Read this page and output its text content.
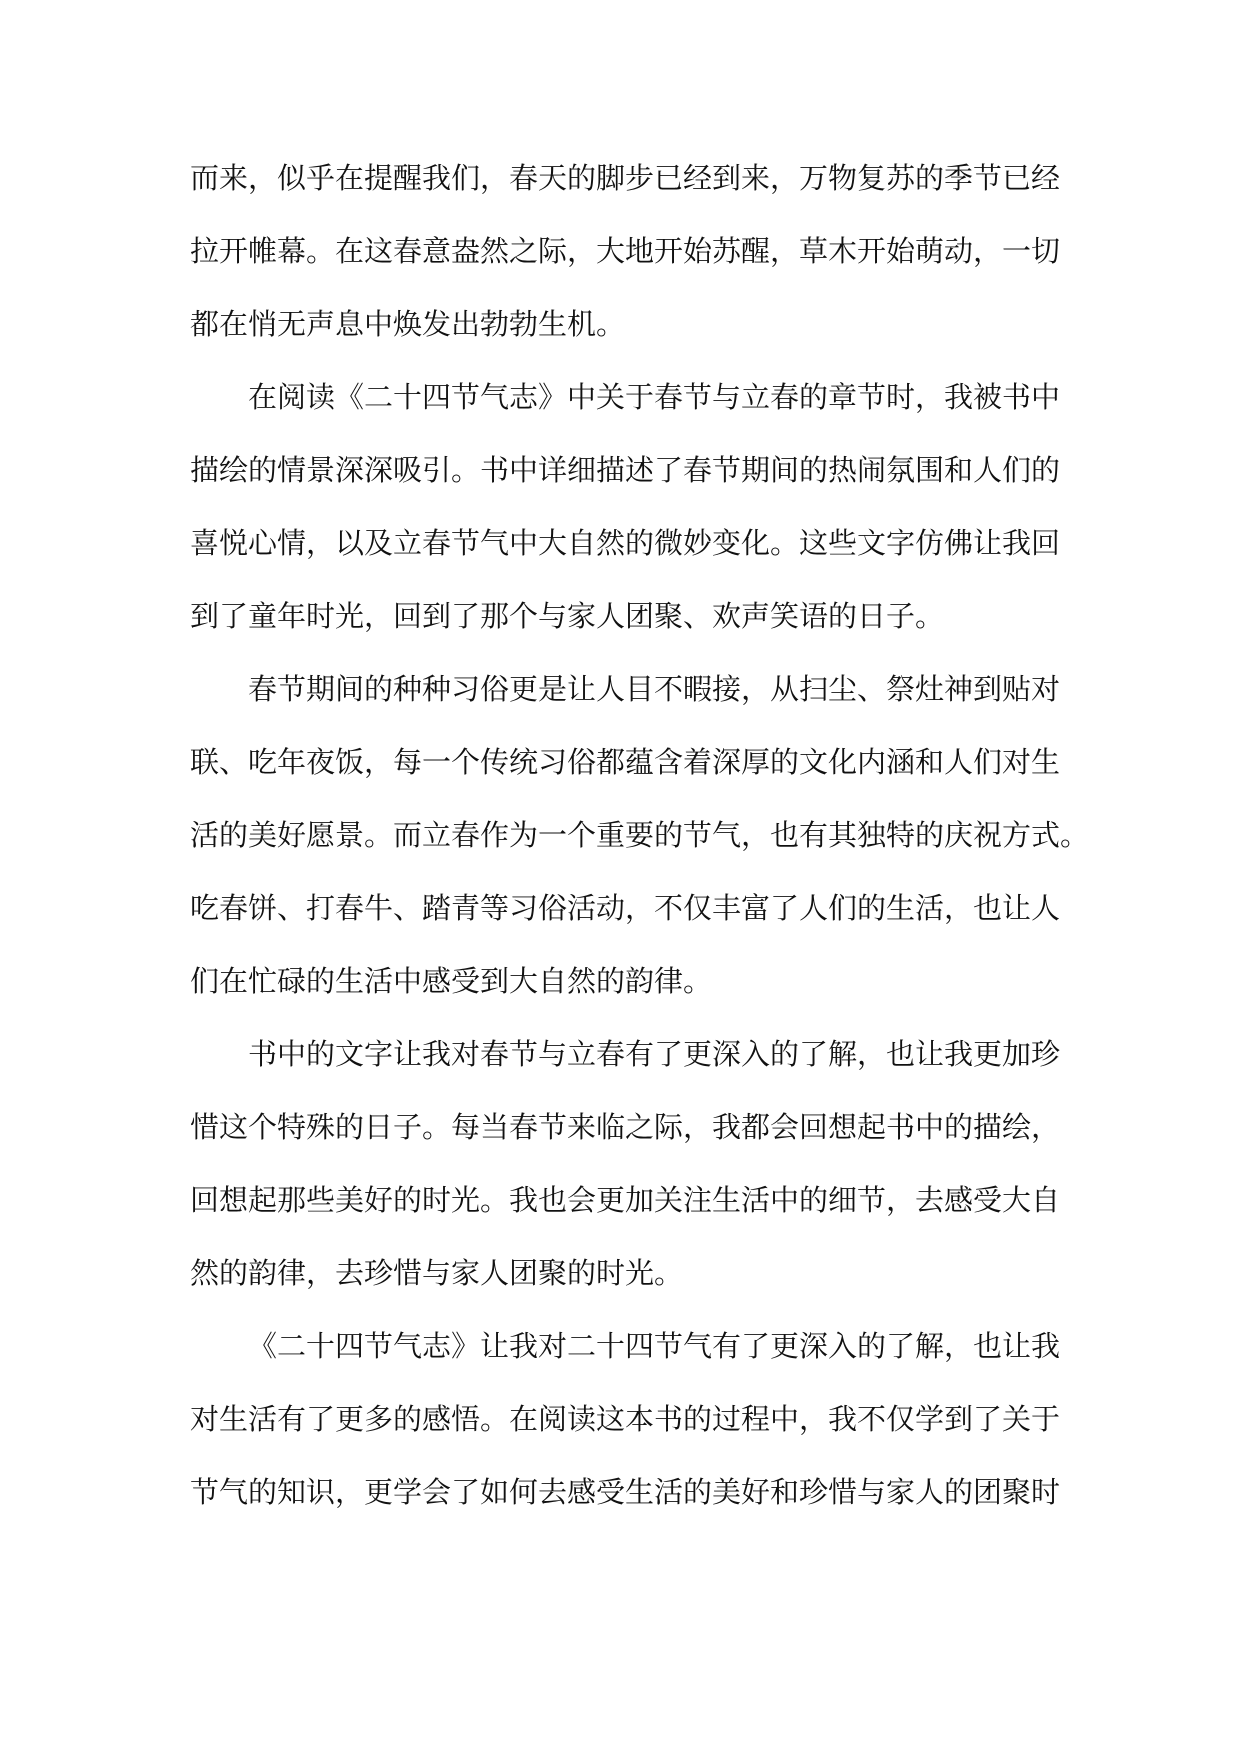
而来，似乎在提醒我们，春天的脚步已经到来，万物复苏的季节已经
拉开帷幕。在这春意盎然之际，大地开始苏醒，草木开始萌动，一切
都在悄无声息中焕发出勃勃生机。
在阅读《二十四节气志》中关于春节与立春的章节时，我被书中
描绘的情景深深吸引。书中详细描述了春节期间的热闹氛围和人们的
喜悦心情，以及立春节气中大自然的微妙变化。这些文字仿佛让我回
到了童年时光，回到了那个与家人团聚、欢声笑语的日子。
春节期间的种种习俗更是让人目不暇接，从扫尘、祭灶神到贴对
联、吃年夜饭，每一个传统习俗都蕴含着深厚的文化内涵和人们对生
活的美好愿景。而立春作为一个重要的节气，也有其独特的庆祝方式。
吃春饼、打春牛、踏青等习俗活动，不仅丰富了人们的生活，也让人
们在忙碌的生活中感受到大自然的韵律。
书中的文字让我对春节与立春有了更深入的了解，也让我更加珍
惜这个特殊的日子。每当春节来临之际，我都会回想起书中的描绘，
回想起那些美好的时光。我也会更加关注生活中的细节，去感受大自
然的韵律，去珍惜与家人团聚的时光。
《二十四节气志》让我对二十四节气有了更深入的了解，也让我
对生活有了更多的感悟。在阅读这本书的过程中，我不仅学到了关于
节气的知识，更学会了如何去感受生活的美好和珍惜与家人的团聚时
